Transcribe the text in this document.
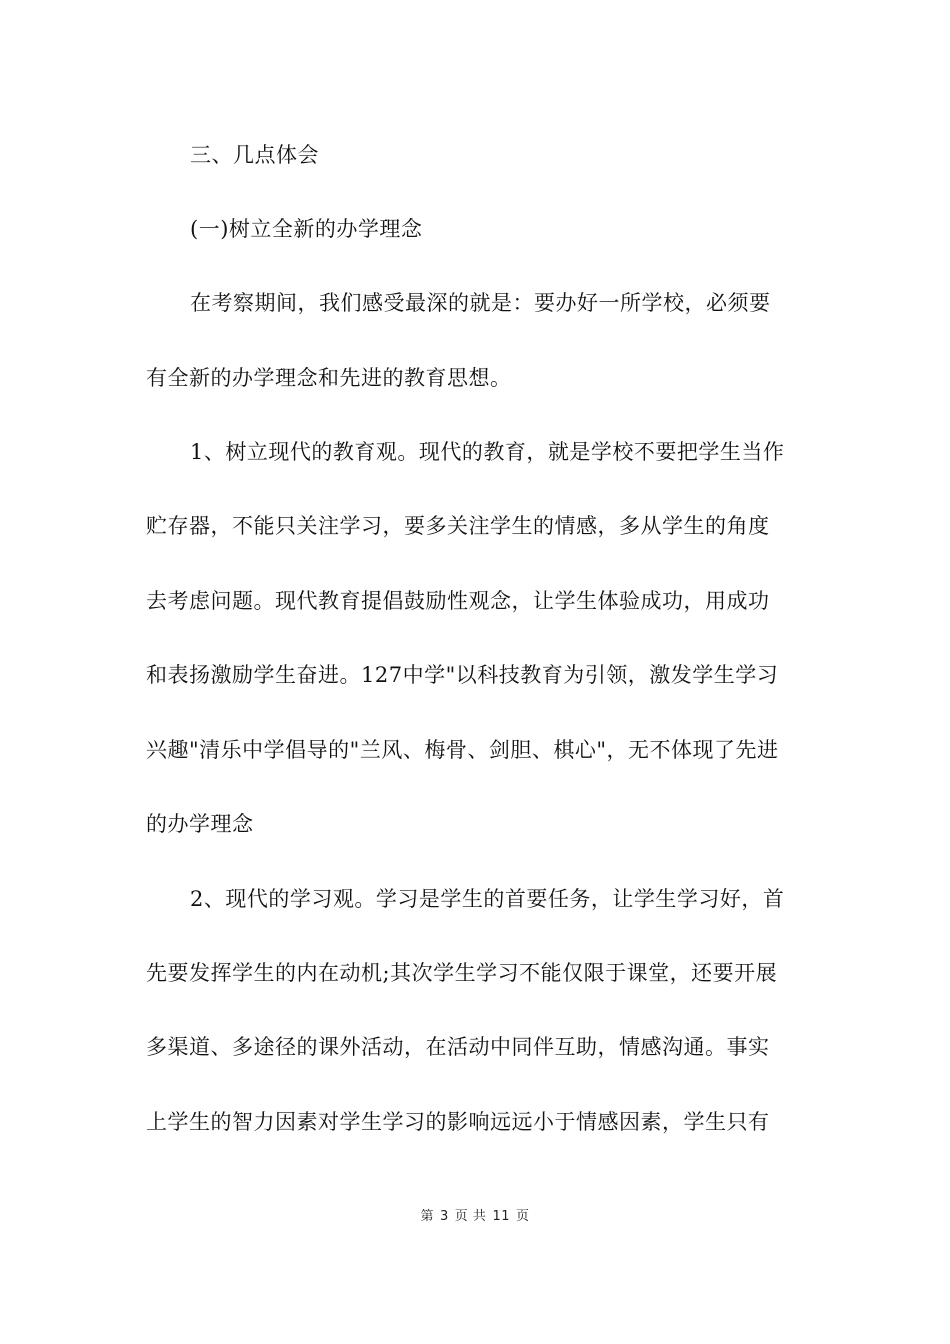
三、几点体会
(一)树立全新的办学理念
在考察期间，我们感受最深的就是：要办好一所学校，必须要
有全新的办学理念和先进的教育思想。
1、树立现代的教育观。现代的教育，就是学校不要把学生当作
贮存器，不能只关注学习，要多关注学生的情感，多从学生的角度
去考虑问题。现代教育提倡鼓励性观念，让学生体验成功，用成功
和表扬激励学生奋进。127中学"以科技教育为引领，激发学生学习
兴趣"清乐中学倡导的"兰风、梅骨、剑胆、棋心"，无不体现了先进
的办学理念
2、现代的学习观。学习是学生的首要任务，让学生学习好，首
先要发挥学生的内在动机;其次学生学习不能仅限于课堂，还要开展
多渠道、多途径的课外活动，在活动中同伴互助，情感沟通。事实
上学生的智力因素对学生学习的影响远远小于情感因素，学生只有
第 3 页 共 11 页
